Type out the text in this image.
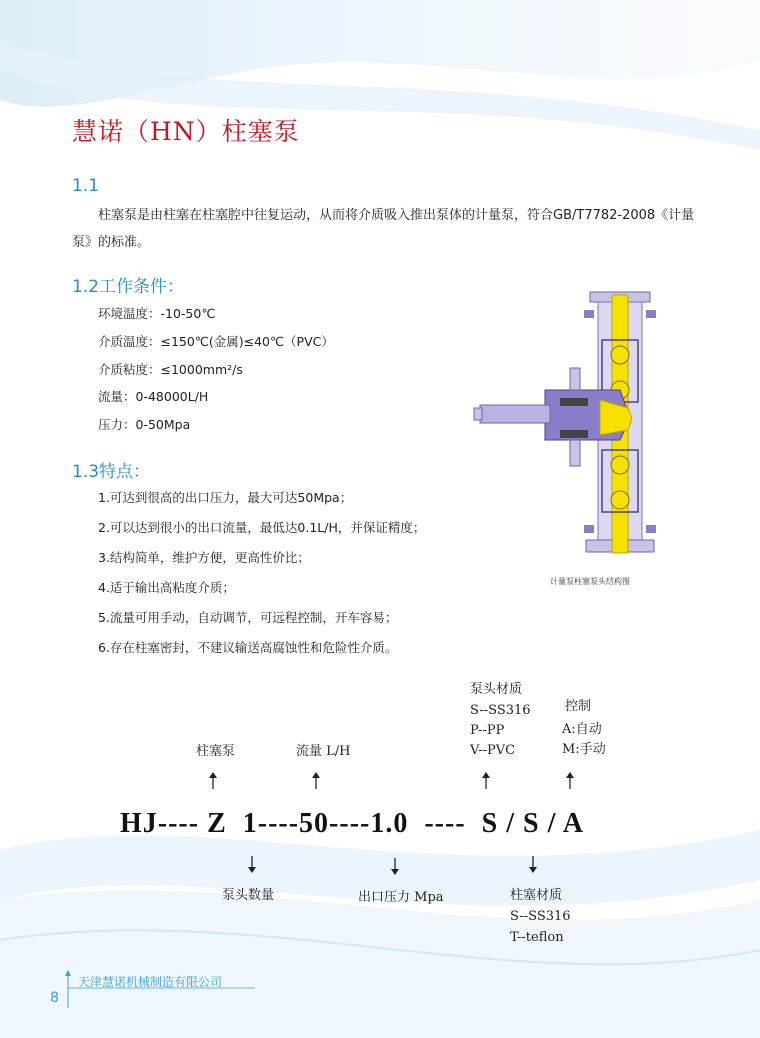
慧诺（HN）柱塞泵
1.1
柱塞泵是由柱塞在柱塞腔中往复运动，从而将介质吸入推出泵体的计量泵，符合GB/T7782-2008《计量泵》的标准。
1.2工作条件：
环境温度：-10-50℃
介质温度：≤150℃(金属)≤40℃（PVC）
介质粘度：≤1000mm²/s
流量：0-48000L/H
压力：0-50Mpa
1.3特点：
1.可达到很高的出口压力，最大可达50Mpa；
2.可以达到很小的出口流量，最低达0.1L/H，并保证精度；
3.结构简单，维护方便，更高性价比；
4.适于输出高粘度介质；
5.流量可用手动，自动调节，可远程控制，开车容易；
6.存在柱塞密封，不建议输送高腐蚀性和危险性介质。
计量泵柱塞泵头结构图
泵头材质
S--SS316
P--PP
V--PVC
控制
A:自动
M:手动
柱塞泵	流量 L/H
HJ---- Z  1----50----1.0  ----  S / S / A
泵头数量	出口压力 Mpa	柱塞材质
S--SS316
T--teflon
天津慧诺机械制造有限公司
8
